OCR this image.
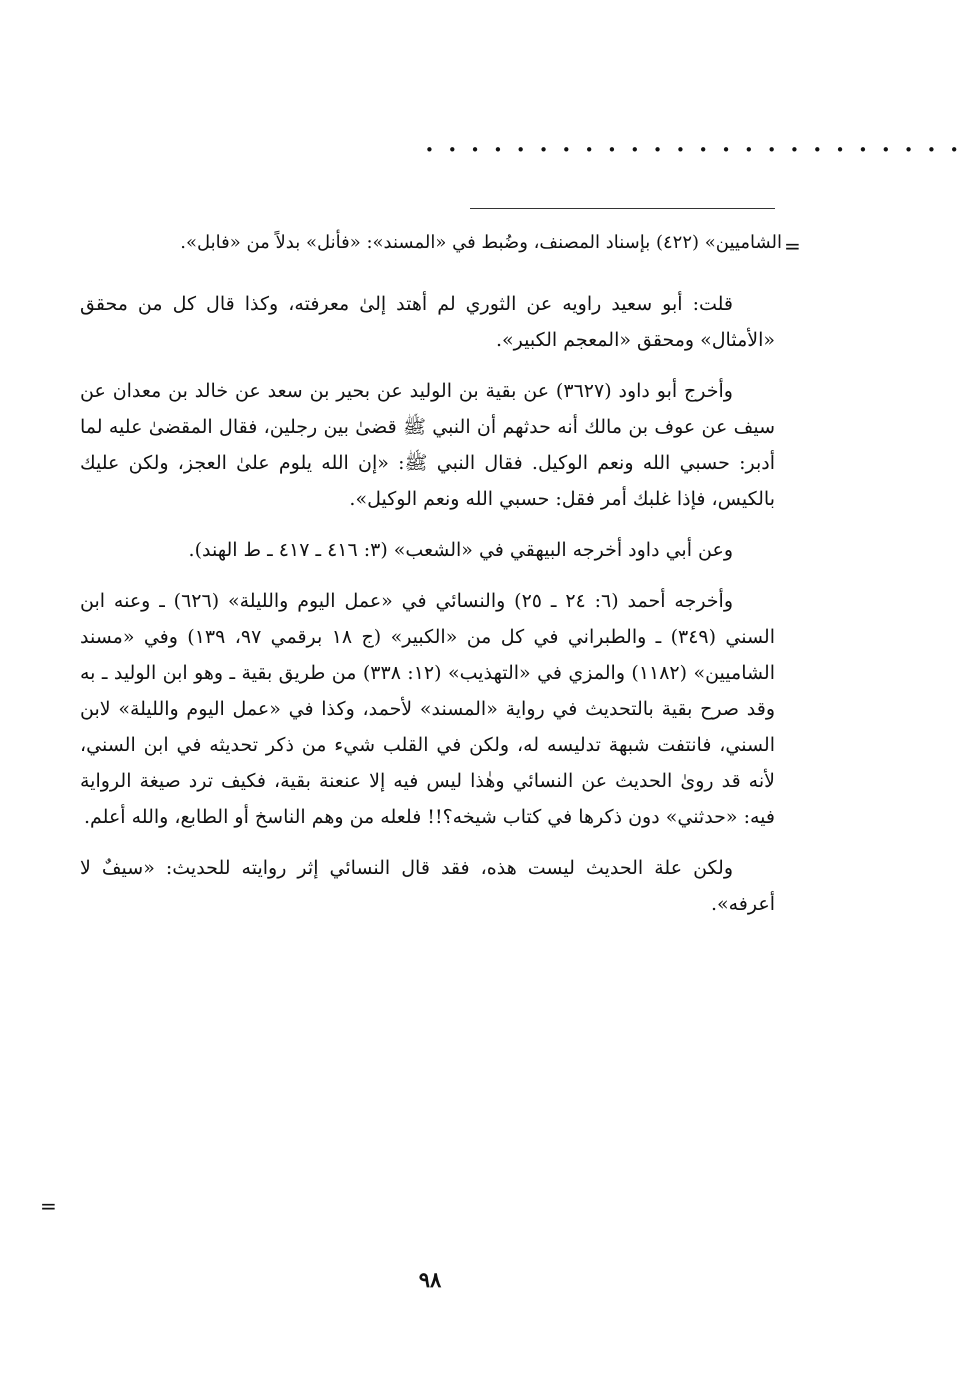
• • • • • • • • • • • • • • • • • • • • • • • •
=
الشاميين» (٤٢٢) بإسناد المصنف، وضُبط في «المسند»: «فأنل» بدلاً من «فابل».

قلت: أبو سعيد راويه عن الثوري لم أهتد إلىٰ معرفته، وكذا قال كل من محقق «الأمثال» ومحقق «المعجم الكبير».

وأخرج أبو داود (٣٦٢٧) عن بقية بن الوليد عن بحير بن سعد عن خالد بن معدان عن سيف عن عوف بن مالك أنه حدثهم أن النبي ﷺ قضىٰ بين رجلين، فقال المقضىٰ عليه لما أدبر: حسبي الله ونعم الوكيل. فقال النبي ﷺ: «إن الله يلوم علىٰ العجز، ولكن عليك بالكيس، فإذا غلبك أمر فقل: حسبي الله ونعم الوكيل».

وعن أبي داود أخرجه البيهقي في «الشعب» (٣: ٤١٦ ـ ٤١٧ ـ ط الهند).

وأخرجه أحمد (٦: ٢٤ ـ ٢٥) والنسائي في «عمل اليوم والليلة» (٦٢٦) ـ وعنه ابن السني (٣٤٩) ـ والطبراني في كل من «الكبير» (ج ١٨ برقمي ٩٧، ١٣٩) وفي «مسند الشاميين» (١١٨٢) والمزي في «التهذيب» (١٢: ٣٣٨) من طريق بقية ـ وهو ابن الوليد ـ به وقد صرح بقية بالتحديث في رواية «المسند» لأحمد، وكذا في «عمل اليوم والليلة» لابن السني، فانتفت شبهة تدليسه له، ولكن في القلب شيء من ذكر تحديثه في ابن السني، لأنه قد روىٰ الحديث عن النسائي وهٰذا ليس فيه إلا عنعنة بقية، فكيف ترد صيغة الرواية فيه: «حدثني» دون ذكرها في كتاب شيخه؟!! فلعله من وهم الناسخ أو الطابع، والله أعلم.

ولكن علة الحديث ليست هذه، فقد قال النسائي إثر روايته للحديث: «سيفٌ لا أعرفه».

=
٩٨
